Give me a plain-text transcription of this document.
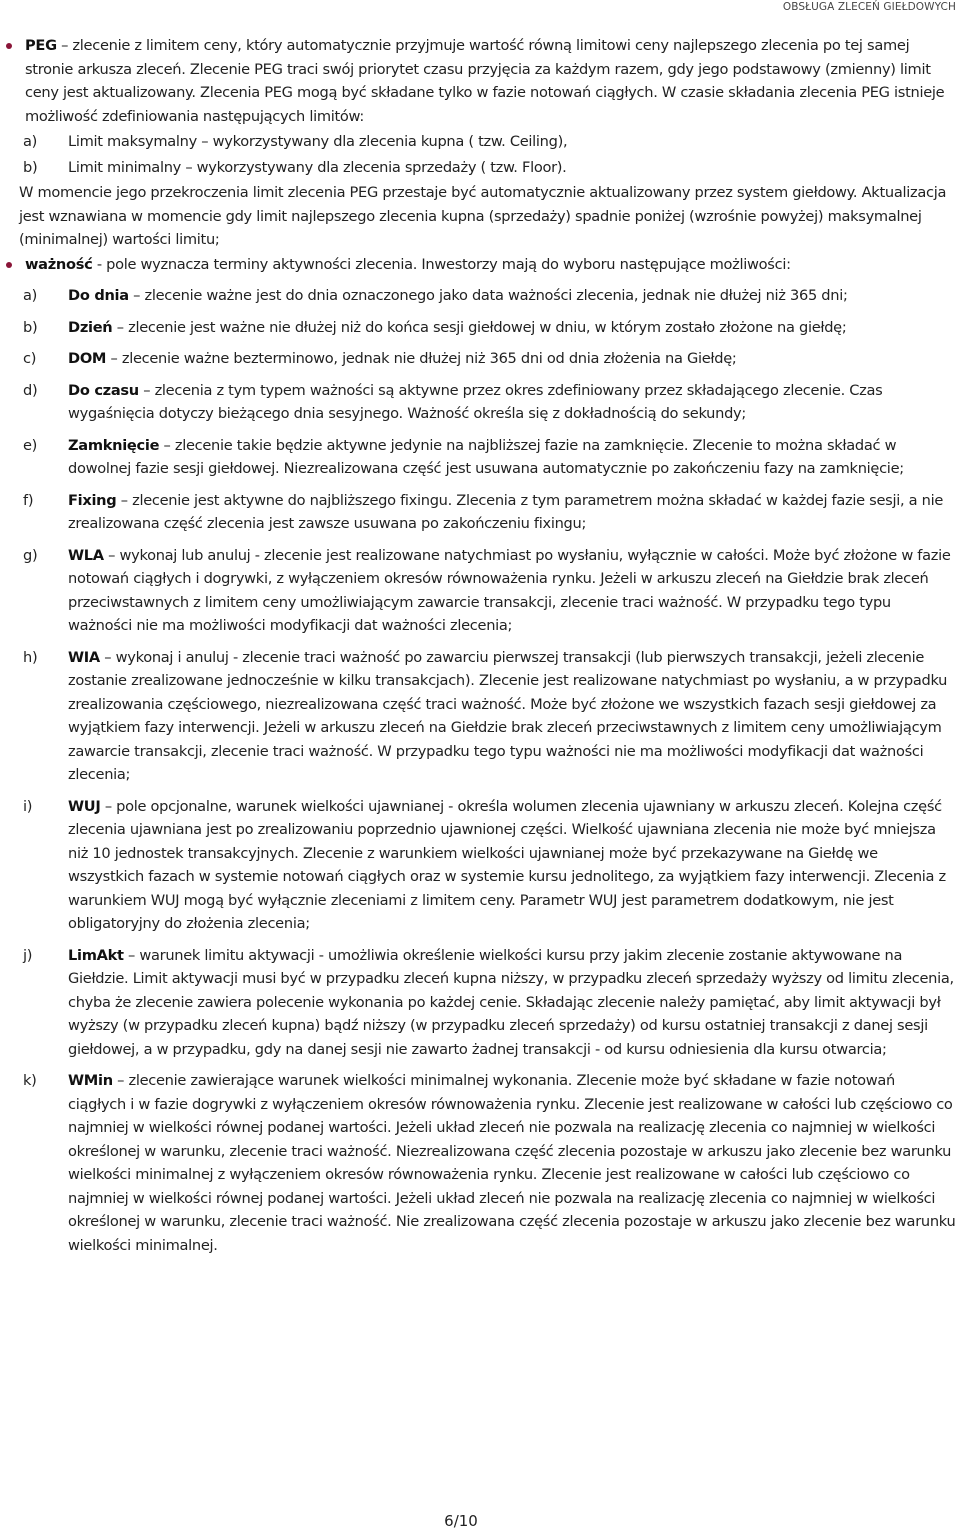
OBSŁUGA ZLECEŃ GIEŁDOWYCH

PEG – zlecenie z limitem ceny, który automatycznie przyjmuje wartość równą limitowi ceny najlepszego zlecenia po tej samej stronie arkusza zleceń. Zlecenie PEG traci swój priorytet czasu przyjęcia za każdym razem, gdy jego podstawowy (zmienny) limit ceny jest aktualizowany. Zlecenia PEG mogą być składane tylko w fazie notowań ciągłych. W czasie składania zlecenia PEG istnieje możliwość zdefiniowania następujących limitów:

a)	Limit maksymalny – wykorzystywany dla zlecenia kupna ( tzw. Ceiling),
b)	Limit minimalny – wykorzystywany dla zlecenia sprzedaży ( tzw. Floor).

W momencie jego przekroczenia limit zlecenia PEG przestaje być automatycznie aktualizowany przez system giełdowy. Aktualizacja jest wznawiana w momencie gdy limit najlepszego zlecenia kupna (sprzedaży) spadnie poniżej (wzrośnie powyżej) maksymalnej (minimalnej) wartości limitu;

ważność - pole wyznacza terminy aktywności zlecenia. Inwestorzy mają do wyboru następujące możliwości:

a)	Do dnia – zlecenie ważne jest do dnia oznaczonego jako data ważności zlecenia, jednak nie dłużej niż 365 dni;
b)	Dzień – zlecenie jest ważne nie dłużej niż do końca sesji giełdowej w dniu, w którym zostało złożone na giełdę;
c)	DOM – zlecenie ważne bezterminowo, jednak nie dłużej niż 365 dni od dnia złożenia na Giełdę;
d)	Do czasu – zlecenia z tym typem ważności są aktywne przez okres zdefiniowany przez składającego zlecenie. Czas wygaśnięcia dotyczy bieżącego dnia sesyjnego. Ważność określa się z dokładnością do sekundy;
e)	Zamknięcie – zlecenie takie będzie aktywne jedynie na najbliższej fazie na zamknięcie. Zlecenie to można składać w dowolnej fazie sesji giełdowej. Niezrealizowana część jest usuwana automatycznie po zakończeniu fazy na zamknięcie;
f)	Fixing – zlecenie jest aktywne do najbliższego fixingu. Zlecenia z tym parametrem można składać w każdej fazie sesji, a nie zrealizowana część zlecenia jest zawsze usuwana po zakończeniu fixingu;
g)	WLA – wykonaj lub anuluj - zlecenie jest realizowane natychmiast po wysłaniu, wyłącznie w całości. Może być złożone w fazie notowań ciągłych i dogrywki, z wyłączeniem okresów równoważenia rynku. Jeżeli w arkuszu zleceń na Giełdzie brak zleceń przeciwstawnych z limitem ceny umożliwiającym zawarcie transakcji, zlecenie traci ważność. W przypadku tego typu ważności nie ma możliwości modyfikacji dat ważności zlecenia;
h)	WIA – wykonaj i anuluj - zlecenie traci ważność po zawarciu pierwszej transakcji (lub pierwszych transakcji, jeżeli zlecenie zostanie zrealizowane jednocześnie w kilku transakcjach). Zlecenie jest realizowane natychmiast po wysłaniu, a w przypadku zrealizowania częściowego, niezrealizowana część traci ważność. Może być złożone we wszystkich fazach sesji giełdowej za wyjątkiem fazy interwencji. Jeżeli w arkuszu zleceń na Giełdzie brak zleceń przeciwstawnych z limitem ceny umożliwiającym zawarcie transakcji, zlecenie traci ważność. W przypadku tego typu ważności nie ma możliwości modyfikacji dat ważności zlecenia;
i)	WUJ – pole opcjonalne, warunek wielkości ujawnianej - określa wolumen zlecenia ujawniany w arkuszu zleceń. Kolejna część zlecenia ujawniana jest po zrealizowaniu poprzednio ujawnionej części. Wielkość ujawniana zlecenia nie może być mniejsza niż 10 jednostek transakcyjnych. Zlecenie z warunkiem wielkości ujawnianej może być przekazywane na Giełdę we wszystkich fazach w systemie notowań ciągłych oraz w systemie kursu jednolitego, za wyjątkiem fazy interwencji. Zlecenia z warunkiem WUJ mogą być wyłącznie zleceniami z limitem ceny. Parametr WUJ jest parametrem dodatkowym, nie jest obligatoryjny do złożenia zlecenia;
j)	LimAkt – warunek limitu aktywacji - umożliwia określenie wielkości kursu przy jakim zlecenie zostanie aktywowane na Giełdzie. Limit aktywacji musi być w przypadku zleceń kupna niższy, w przypadku zleceń sprzedaży wyższy od limitu zlecenia, chyba że zlecenie zawiera polecenie wykonania po każdej cenie. Składając zlecenie należy pamiętać, aby limit aktywacji był wyższy (w przypadku zleceń kupna) bądź niższy (w przypadku zleceń sprzedaży) od kursu ostatniej transakcji z danej sesji giełdowej, a w przypadku, gdy na danej sesji nie zawarto żadnej transakcji - od kursu odniesienia dla kursu otwarcia;
k)	WMin – zlecenie zawierające warunek wielkości minimalnej wykonania. Zlecenie może być składane w fazie notowań ciągłych i w fazie dogrywki z wyłączeniem okresów równoważenia rynku. Zlecenie jest realizowane w całości lub częściowo co najmniej w wielkości równej podanej wartości. Jeżeli układ zleceń nie pozwala na realizację zlecenia co najmniej w wielkości określonej w warunku, zlecenie traci ważność. Niezrealizowana część zlecenia pozostaje w arkuszu jako zlecenie bez warunku wielkości minimalnej z wyłączeniem okresów równoważenia rynku. Zlecenie jest realizowane w całości lub częściowo co najmniej w wielkości równej podanej wartości. Jeżeli układ zleceń nie pozwala na realizację zlecenia co najmniej w wielkości określonej w warunku, zlecenie traci ważność. Nie zrealizowana część zlecenia pozostaje w arkuszu jako zlecenie bez warunku wielkości minimalnej.
6/10
